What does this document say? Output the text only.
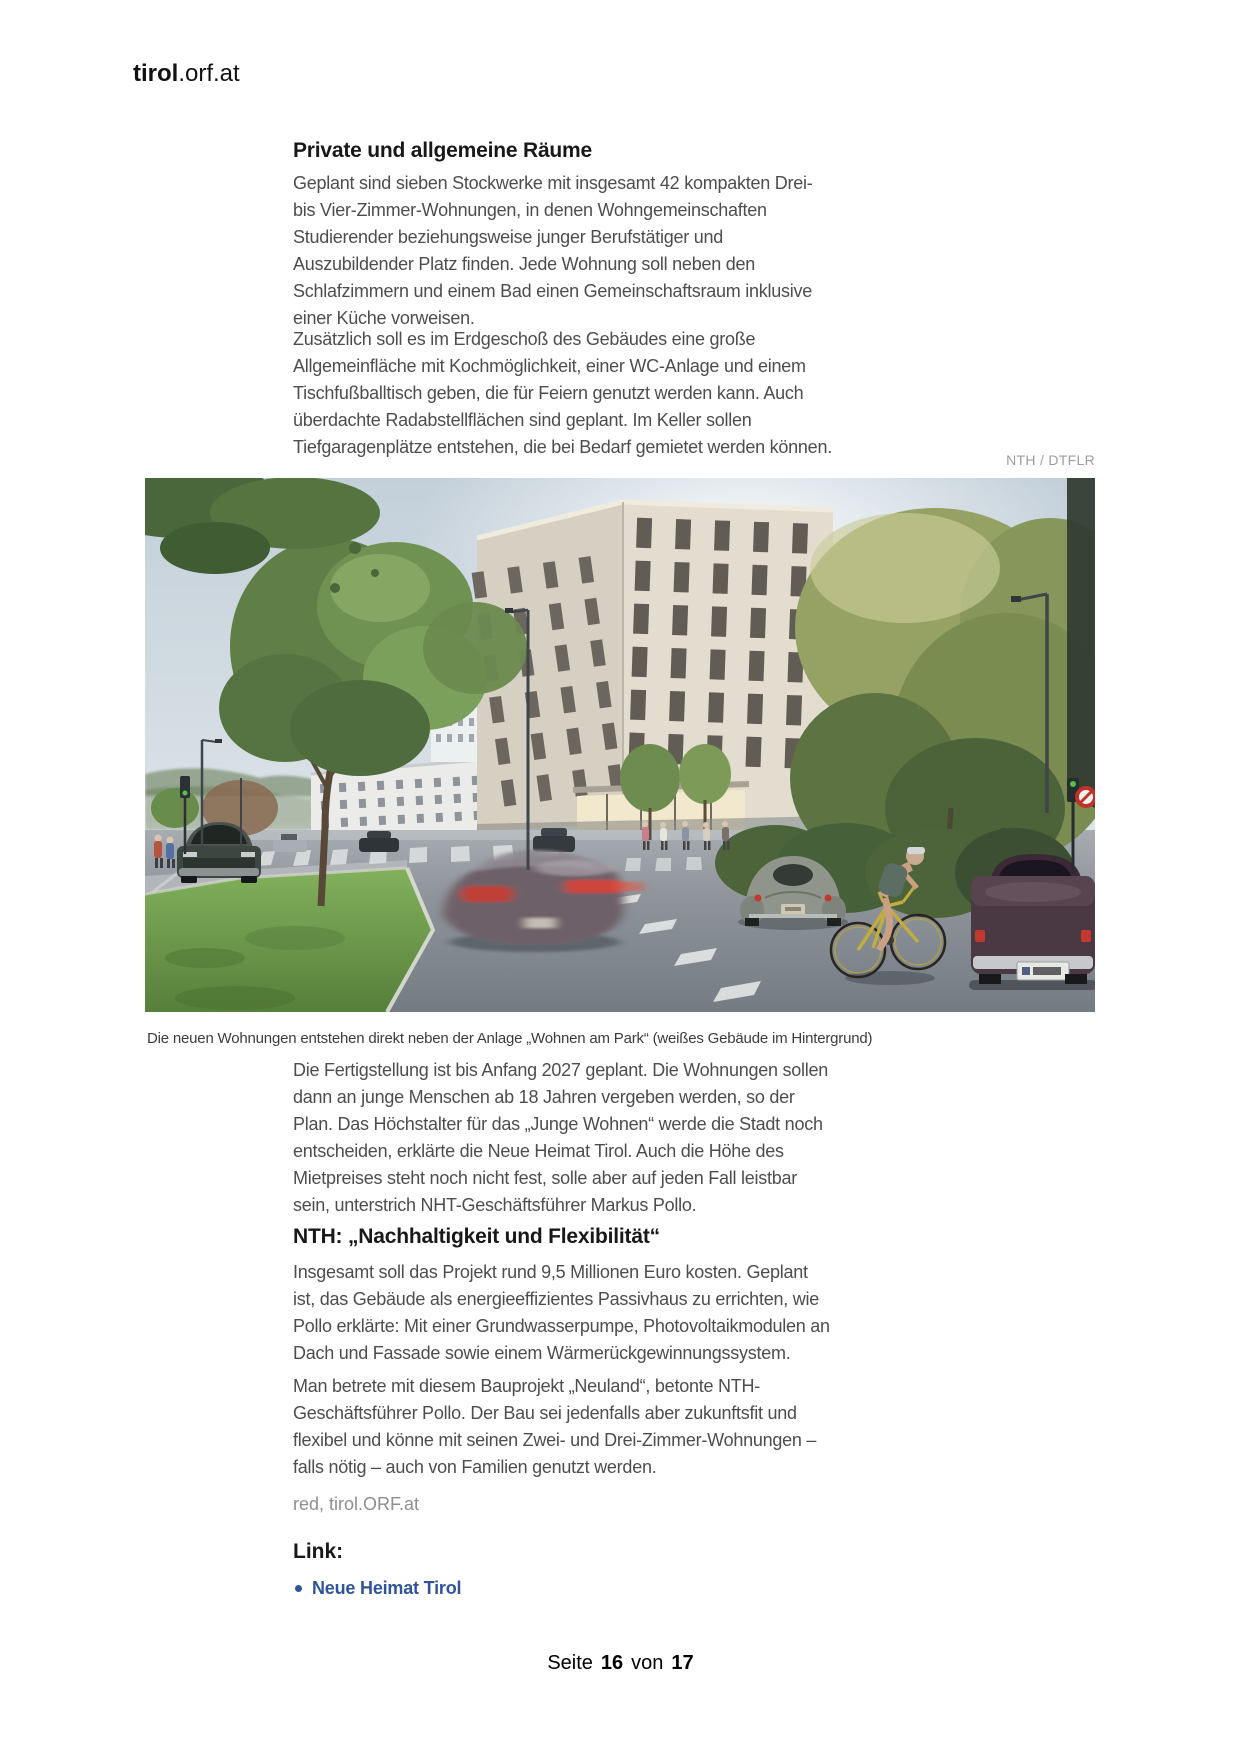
tirol.orf.at
Private und allgemeine Räume

Geplant sind sieben Stockwerke mit insgesamt 42 kompakten Drei- bis Vier-Zimmer-Wohnungen, in denen Wohngemeinschaften Studierender beziehungsweise junger Berufstätiger und Auszubildender Platz finden. Jede Wohnung soll neben den Schlafzimmern und einem Bad einen Gemeinschaftsraum inklusive einer Küche vorweisen.

Zusätzlich soll es im Erdgeschoß des Gebäudes eine große Allgemeinfläche mit Kochmöglichkeit, einer WC-Anlage und einem Tischfußballtisch geben, die für Feiern genutzt werden kann. Auch überdachte Radabstellflächen sind geplant. Im Keller sollen Tiefgaragenplätze entstehen, die bei Bedarf gemietet werden können.

NTH / DTFLR
Die neuen Wohnungen entstehen direkt neben der Anlage „Wohnen am Park“ (weißes Gebäude im Hintergrund)

Die Fertigstellung ist bis Anfang 2027 geplant. Die Wohnungen sollen dann an junge Menschen ab 18 Jahren vergeben werden, so der Plan. Das Höchstalter für das „Junge Wohnen“ werde die Stadt noch entscheiden, erklärte die Neue Heimat Tirol. Auch die Höhe des Mietpreises steht noch nicht fest, solle aber auf jeden Fall leistbar sein, unterstrich NHT-Geschäftsführer Markus Pollo.

NTH: „Nachhaltigkeit und Flexibilität“

Insgesamt soll das Projekt rund 9,5 Millionen Euro kosten. Geplant ist, das Gebäude als energieeffizientes Passivhaus zu errichten, wie Pollo erklärte: Mit einer Grundwasserpumpe, Photovoltaikmodulen an Dach und Fassade sowie einem Wärmerückgewinnungssystem.

Man betrete mit diesem Bauprojekt „Neuland“, betonte NTH-Geschäftsführer Pollo. Der Bau sei jedenfalls aber zukunftsfit und flexibel und könne mit seinen Zwei- und Drei-Zimmer-Wohnungen – falls nötig – auch von Familien genutzt werden.

red, tirol.ORF.at
Link:
Neue Heimat Tirol
Seite 16 von 17
